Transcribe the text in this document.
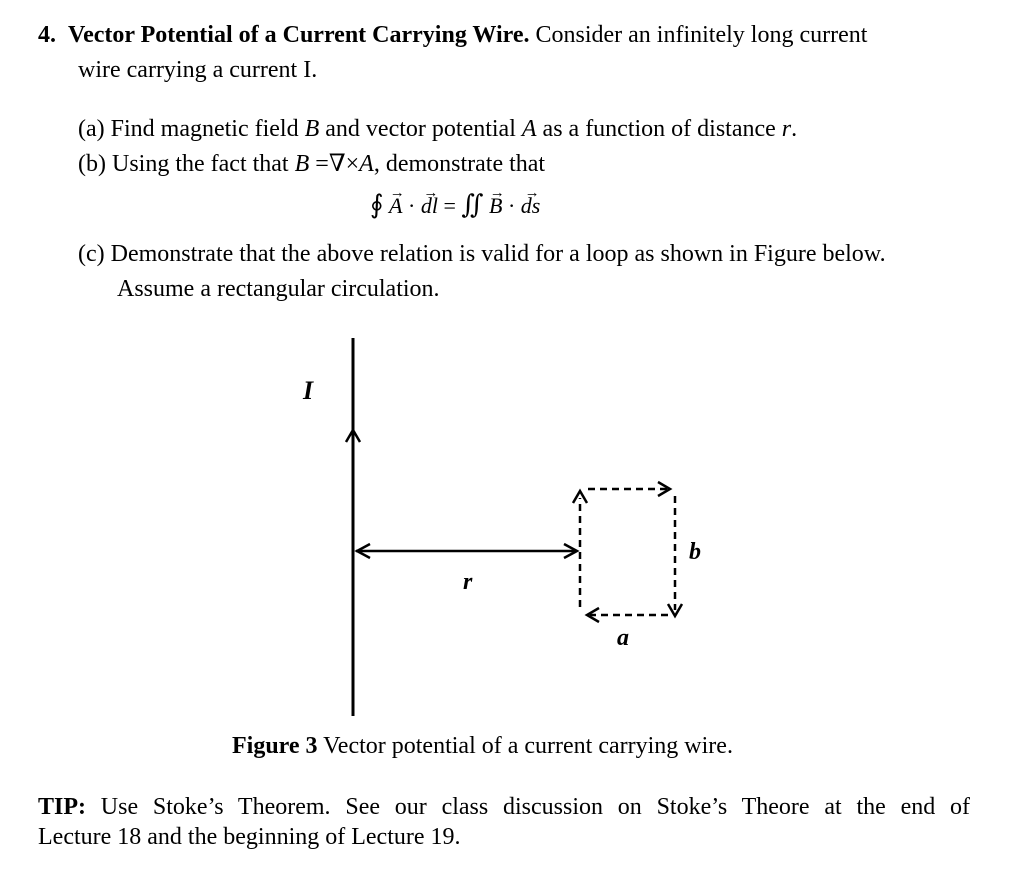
4. Vector Potential of a Current Carrying Wire. Consider an infinitely long current
wire carrying a current I.
(a) Find magnetic field B and vector potential A as a function of distance r.
(b) Using the fact that B =∇×A, demonstrate that
∮ → A · → dl = ∬ → B · → ds
(c) Demonstrate that the above relation is valid for a loop as shown in Figure below.
Assume a rectangular circulation.
I
r
b
a
Figure 3 Vector potential of a current carrying wire.
TIP: Use Stoke’s Theorem. See our class discussion on Stoke’s Theore at the end of
Lecture 18 and the beginning of Lecture 19.
